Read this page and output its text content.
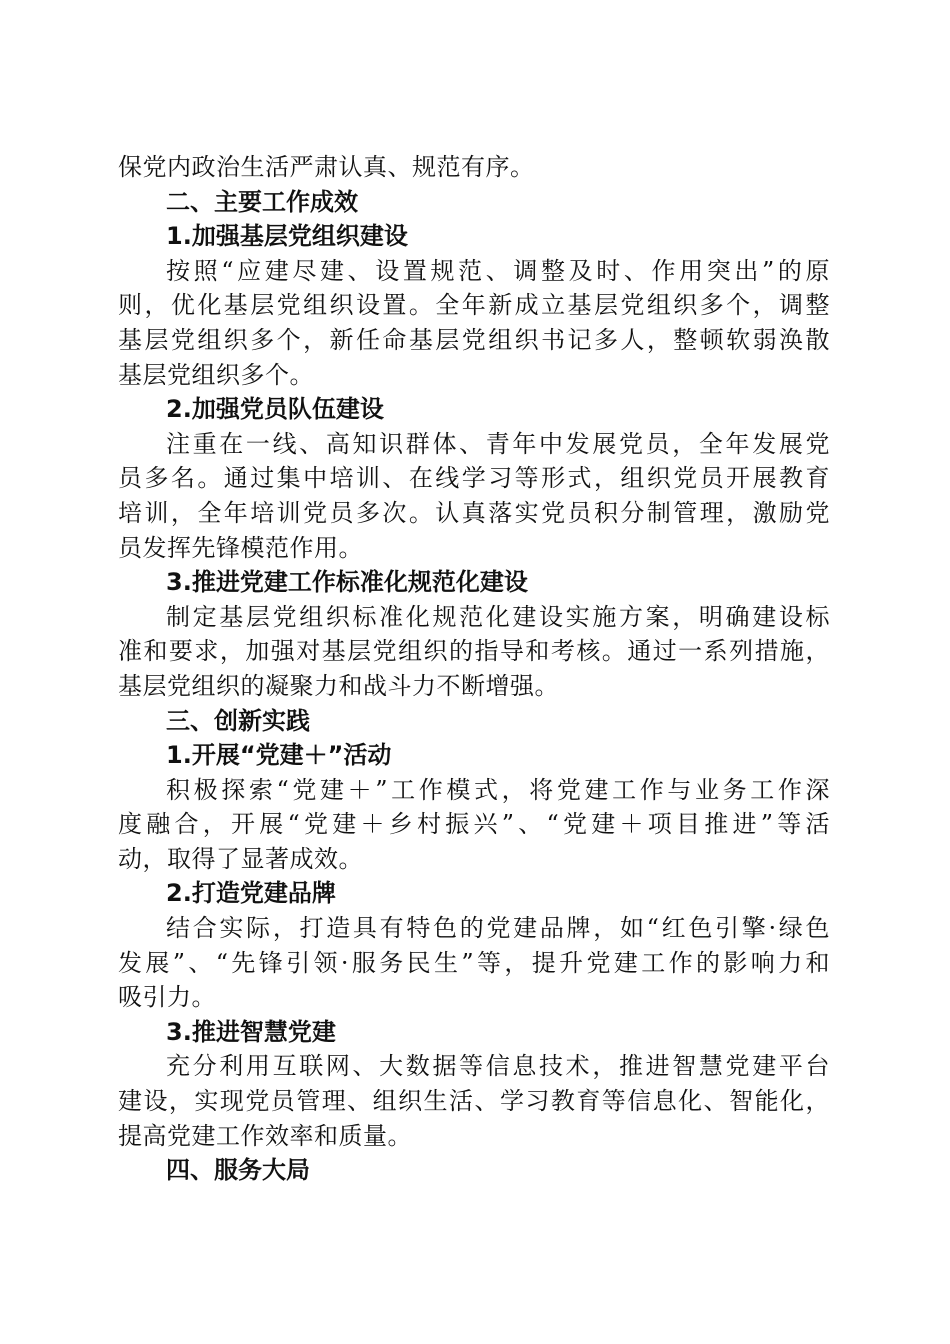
保党内政治生活严肃认真、规范有序。
二、主要工作成效
1.加强基层党组织建设
按照“应建尽建、设置规范、调整及时、作用突出”的原
则，优化基层党组织设置。全年新成立基层党组织多个，调整
基层党组织多个，新任命基层党组织书记多人，整顿软弱涣散
基层党组织多个。
2.加强党员队伍建设
注重在一线、高知识群体、青年中发展党员，全年发展党
员多名。通过集中培训、在线学习等形式，组织党员开展教育
培训，全年培训党员多次。认真落实党员积分制管理，激励党
员发挥先锋模范作用。
3.推进党建工作标准化规范化建设
制定基层党组织标准化规范化建设实施方案，明确建设标
准和要求，加强对基层党组织的指导和考核。通过一系列措施，
基层党组织的凝聚力和战斗力不断增强。
三、创新实践
1.开展“党建＋”活动
积极探索“党建＋”工作模式，将党建工作与业务工作深
度融合，开展“党建＋乡村振兴”、“党建＋项目推进”等活
动，取得了显著成效。
2.打造党建品牌
结合实际，打造具有特色的党建品牌，如“红色引擎·绿色
发展”、“先锋引领·服务民生”等，提升党建工作的影响力和
吸引力。
3.推进智慧党建
充分利用互联网、大数据等信息技术，推进智慧党建平台
建设，实现党员管理、组织生活、学习教育等信息化、智能化，
提高党建工作效率和质量。
四、服务大局
